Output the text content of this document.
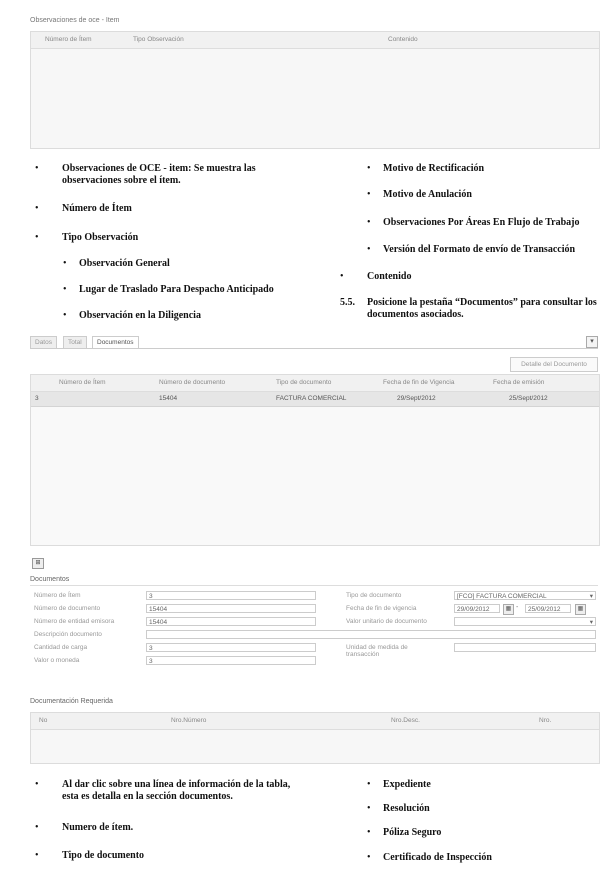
Observaciones de oce - Item
Número de Ítem	Tipo Observación	Contenido
• Observaciones de OCE - item: Se muestra las observaciones sobre el ítem.
• Número de Ítem
• Tipo Observación
• Observación General
• Lugar de Traslado Para Despacho Anticipado
• Observación en la Diligencia
• Motivo de Rectificación
• Motivo de Anulación
• Observaciones Por Áreas En Flujo de Trabajo
• Versión del Formato de envío de Transacción
• Contenido
5.5. Posicione la pestaña “Documentos” para consultar los documentos asociados.
Datos	Total	Documentos	▾
Detalle del Documento
Número de Ítem	Número de documento	Tipo de documento	Fecha de fin de Vigencia	Fecha de emisión
3	15404	FACTURA COMERCIAL	29/Sept/2012	25/Sept/2012
⊞
Documentos
Número de Ítem	3
Número de documento	15404
Número de entidad emisora	15404
Descripción documento
Cantidad de carga	3
Valor o moneda	3
Tipo de documento	[FCO] FACTURA COMERCIAL	▾
Fecha de fin de vigencia	29/09/2012	▦ -	25/09/2012	▦
Valor unitario de documento	▾
Unidad de medida de transacción
Documentación Requerida
No	Nro.Número	Nro.Desc.	Nro.
• Al dar clic sobre una línea de información de la tabla, esta es detalla en la sección documentos.
• Numero de ítem.
• Tipo de documento
• Expediente
• Resolución
• Póliza Seguro
• Certificado de Inspección
